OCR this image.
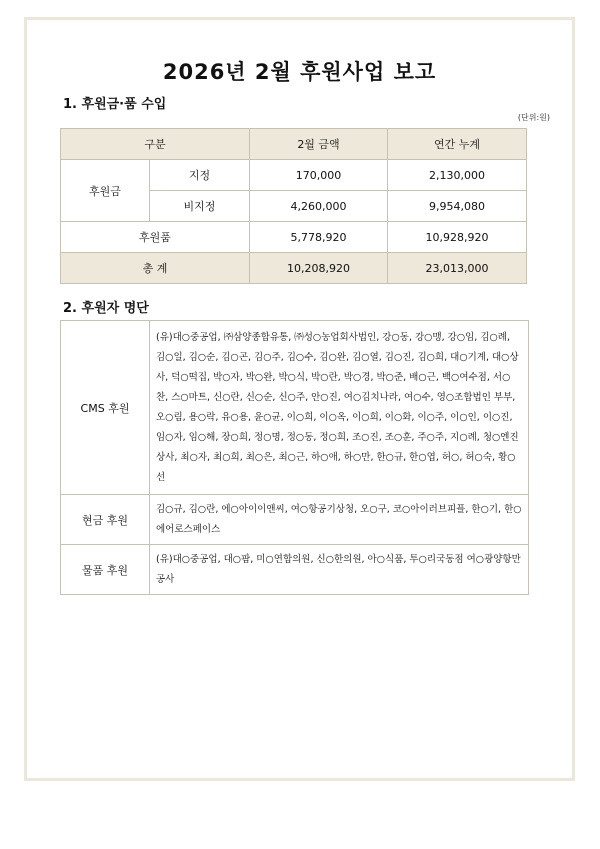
2026년 2월 후원사업 보고
1. 후원금·품 수입
(단위:원)
구분		2월 금액	연간 누계
후원금	지정	170,000	2,130,000
	비지정	4,260,000	9,954,080
후원품		5,778,920	10,928,920
총 계		10,208,920	23,013,000
2. 후원자 명단
CMS 후원	(유)대○중공업, ㈜삼양종합유통, ㈜성○농업회사법인, 강○동, 강○맹, 강○임, 김○례, 김○일, 김○순, 김○곤, 김○주, 김○수, 김○완, 김○열, 김○진, 김○희, 대○기계, 대○상사, 덕○떡집, 박○자, 박○완, 박○식, 박○란, 박○경, 박○준, 배○근, 백○여수점, 서○찬, 스○마트, 신○란, 신○순, 신○주, 안○진, 여○김치나라, 여○수, 영○조합법인 부부, 오○림, 용○락, 유○용, 윤○균, 이○희, 이○옥, 이○희, 이○화, 이○주, 이○인, 이○진, 임○자, 임○해, 장○희, 정○명, 정○동, 정○희, 조○진, 조○훈, 주○주, 지○례, 청○엔진상사, 최○자, 최○희, 최○은, 최○근, 하○애, 하○만, 한○규, 한○엽, 허○, 허○숙, 황○선
현금 후원	김○규, 김○란, 에○아이이앤씨, 여○항공기상청, 오○구, 코○아이러브피플, 한○기, 한○에어로스페이스
물품 후원	(유)대○중공업, 대○팜, 미○연합의원, 신○한의원, 아○식품, 투○리국동점 여○광양항만공사
